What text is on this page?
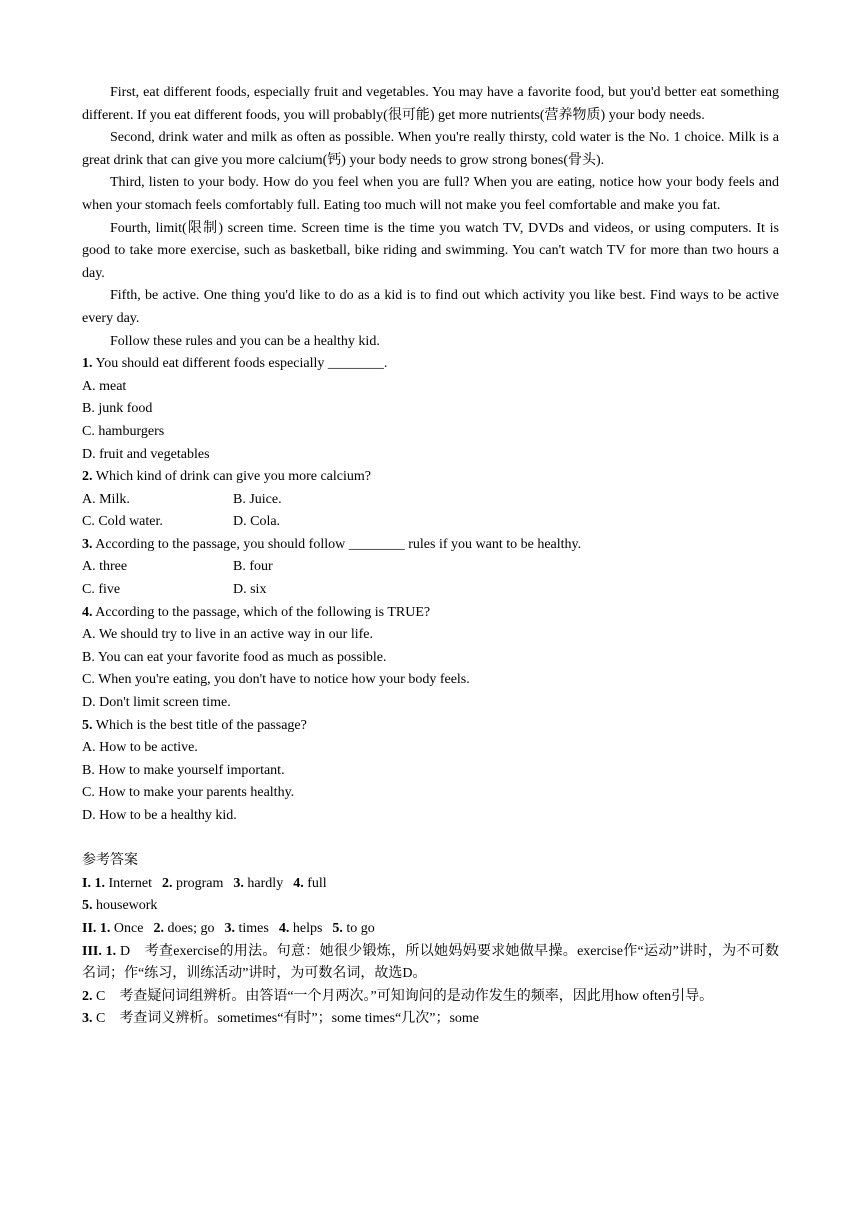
First, eat different foods, especially fruit and vegetables. You may have a favorite food, but you'd better eat something different. If you eat different foods, you will probably(很可能) get more nutrients(营养物质) your body needs.

Second, drink water and milk as often as possible. When you're really thirsty, cold water is the No. 1 choice. Milk is a great drink that can give you more calcium(钙) your body needs to grow strong bones(骨头).

Third, listen to your body. How do you feel when you are full? When you are eating, notice how your body feels and when your stomach feels comfortably full. Eating too much will not make you feel comfortable and make you fat.

Fourth, limit(限制) screen time. Screen time is the time you watch TV, DVDs and videos, or using computers. It is good to take more exercise, such as basketball, bike riding and swimming. You can't watch TV for more than two hours a day.

Fifth, be active. One thing you'd like to do as a kid is to find out which activity you like best. Find ways to be active every day.

Follow these rules and you can be a healthy kid.

1. You should eat different foods especially ________.

A. meat

B. junk food

C. hamburgers

D. fruit and vegetables

2. Which kind of drink can give you more calcium?

A. Milk.	B. Juice.
C. Cold water.	D. Cola.

3. According to the passage, you should follow ________ rules if you want to be healthy.

A. three	B. four
C. five	D. six

4. According to the passage, which of the following is TRUE?

A. We should try to live in an active way in our life.

B. You can eat your favorite food as much as possible.

C. When you're eating, you don't have to notice how your body feels.

D. Don't limit screen time.

5. Which is the best title of the passage?

A. How to be active.

B. How to make yourself important.

C. How to make your parents healthy.

D. How to be a healthy kid.

参考答案

I. 1. Internet 2. program 3. hardly 4. full

5. housework

II. 1. Once 2. does; go 3. times 4. helps 5. to go

III. 1. D　考查exercise的用法。句意：她很少锻炼，所以她妈妈要求她做早操。exercise作“运动”讲时，为不可数名词；作“练习，训练活动”讲时，为可数名词，故选D。

2. C　考查疑问词组辨析。由答语“一个月两次。”可知询问的是动作发生的频率，因此用how often引导。

3. C　考查词义辨析。sometimes“有时”；some times“几次”；some
